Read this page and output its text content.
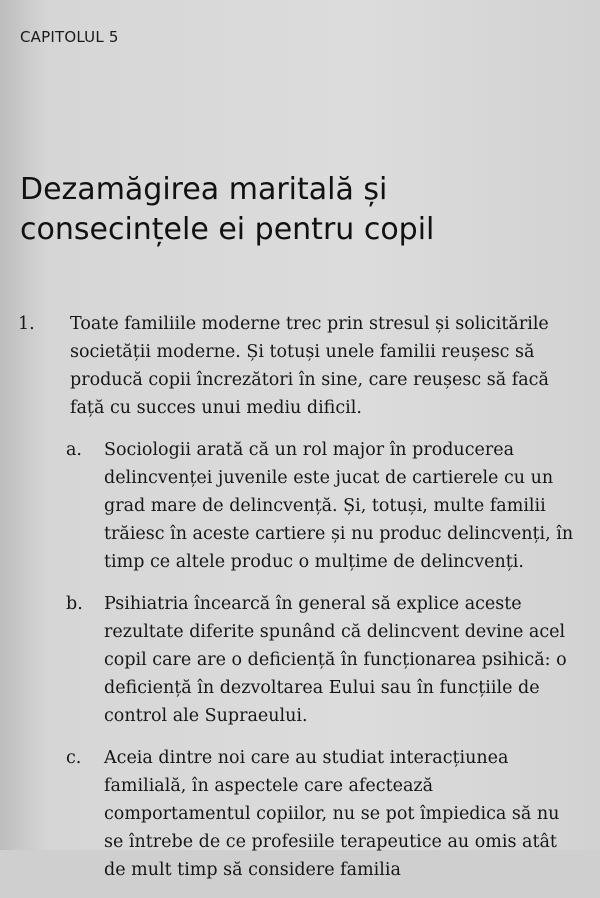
CAPITOLUL 5
Dezamăgirea maritală și
consecințele ei pentru copil
1. Toate familiile moderne trec prin stresul și solicitările societății moderne. Și totuși unele familii reușesc să producă copii încrezători în sine, care reușesc să facă față cu succes unui mediu dificil.
a. Sociologii arată că un rol major în producerea delincvenței juvenile este jucat de cartierele cu un grad mare de delincvență. Și, totuși, multe familii trăiesc în aceste cartiere și nu produc delincvenți, în timp ce altele produc o mulțime de delincvenți.
b. Psihiatria încearcă în general să explice aceste rezultate diferite spunând că delincvent devine acel copil care are o deficiență în funcționarea psihică: o deficiență în dezvoltarea Eului sau în funcțiile de control ale Supraeului.
c. Aceia dintre noi care au studiat interacțiunea familială, în aspectele care afectează comportamentul copiilor, nu se pot împiedica să nu se întrebe de ce profesiile terapeutice au omis atât de mult timp să considere familia
